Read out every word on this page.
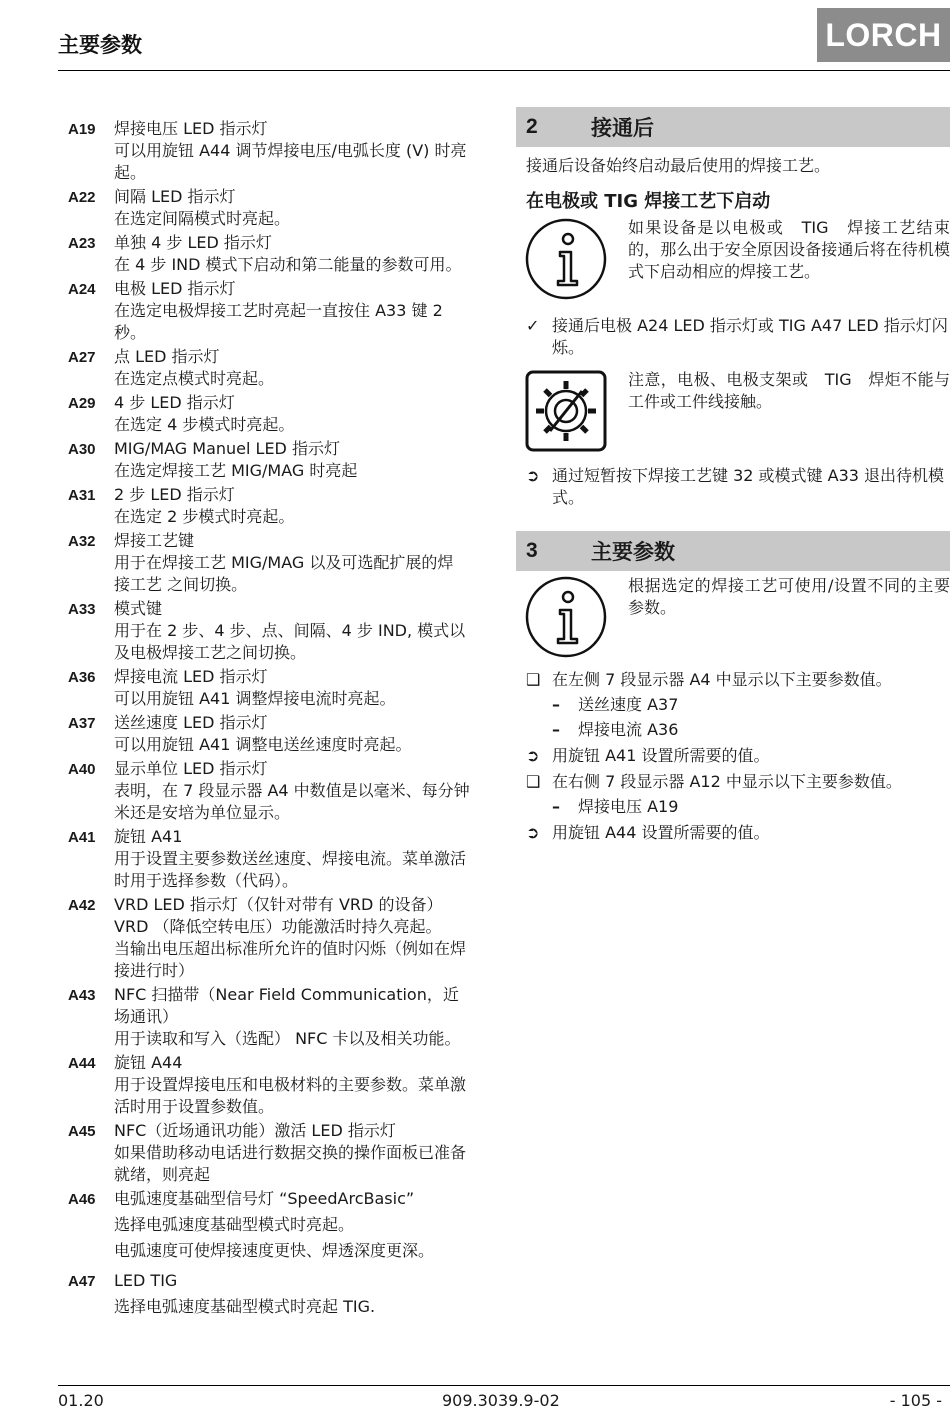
主要参数	LORCH
A19	焊接电压 LED 指示灯
可以用旋钮 A44 调节焊接电压/电弧长度 (V) 时亮
起。
A22	间隔 LED 指示灯
在选定间隔模式时亮起。
A23	单独 4 步 LED 指示灯
在 4 步 IND 模式下启动和第二能量的参数可用。
A24	电极 LED 指示灯
在选定电极焊接工艺时亮起一直按住 A33 键 2
秒。
A27	点 LED 指示灯
在选定点模式时亮起。
A29	4 步 LED 指示灯
在选定 4 步模式时亮起。
A30	MIG/MAG Manuel LED 指示灯
在选定焊接工艺 MIG/MAG 时亮起
A31	2 步 LED 指示灯
在选定 2 步模式时亮起。
A32	焊接工艺键
用于在焊接工艺 MIG/MAG 以及可选配扩展的焊
接工艺 之间切换。
A33	模式键
用于在 2 步、4 步、点、间隔、4 步 IND, 模式以
及电极焊接工艺之间切换。
A36	焊接电流 LED 指示灯
可以用旋钮 A41 调整焊接电流时亮起。
A37	送丝速度 LED 指示灯
可以用旋钮 A41 调整电送丝速度时亮起。
A40	显示单位 LED 指示灯
表明，在 7 段显示器 A4 中数值是以毫米、每分钟
米还是安培为单位显示。
A41	旋钮 A41
用于设置主要参数送丝速度、焊接电流。菜单激活
时用于选择参数（代码）。
A42	VRD LED 指示灯（仅针对带有 VRD 的设备）
VRD （降低空转电压）功能激活时持久亮起。
当输出电压超出标准所允许的值时闪烁（例如在焊
接进行时）
A43	NFC 扫描带（Near Field Communication，近
场通讯）
用于读取和写入（选配） NFC 卡以及相关功能。
A44	旋钮 A44
用于设置焊接电压和电极材料的主要参数。菜单激
活时用于设置参数值。
A45	NFC（近场通讯功能）激活 LED 指示灯
如果借助移动电话进行数据交换的操作面板已准备
就绪，则亮起
A46	电弧速度基础型信号灯 “SpeedArcBasic”
选择电弧速度基础型模式时亮起。
电弧速度可使焊接速度更快、焊透深度更深。
A47	LED TIG
选择电弧速度基础型模式时亮起 TIG.
2	接通后
接通后设备始终启动最后使用的焊接工艺。
在电极或 TIG 焊接工艺下启动
如果设备是以电极或　TIG　焊接工艺结束的，那么出于安全原因设备接通后将在待机模式下启动相应的焊接工艺。
✓ 接通后电极 A24 LED 指示灯或 TIG A47 LED 指示灯闪烁。
注意，电极、电极支架或　TIG　焊炬不能与工件或工件线接触。
➲ 通过短暂按下焊接工艺键 32 或模式键 A33 退出待机模式。
3	主要参数
根据选定的焊接工艺可使用/设置不同的主要参数。
❑ 在左侧 7 段显示器 A4 中显示以下主要参数值。
–	送丝速度 A37
–	焊接电流 A36
➲ 用旋钮 A41 设置所需要的值。
❑ 在右侧 7 段显示器 A12 中显示以下主要参数值。
–	焊接电压 A19
➲ 用旋钮 A44 设置所需要的值。
01.20	909.3039.9-02	- 105 -
